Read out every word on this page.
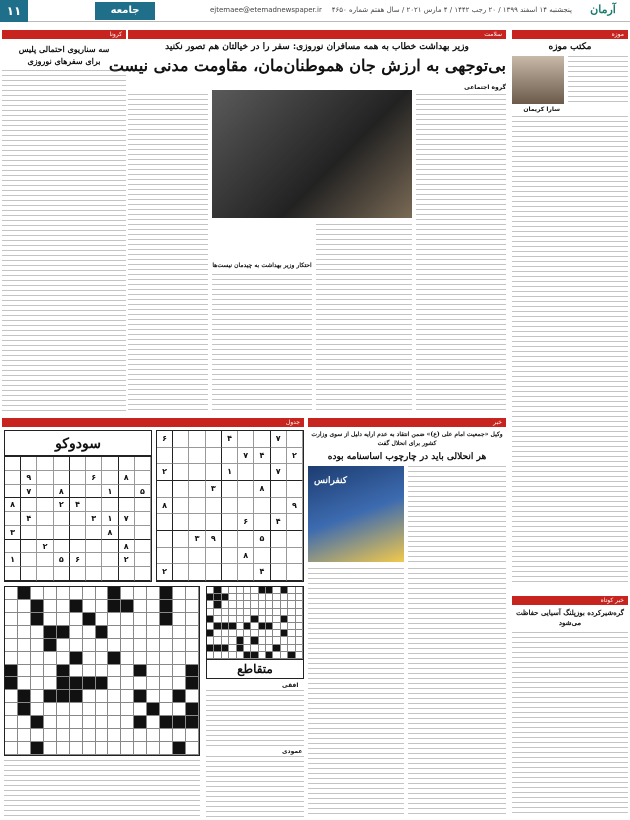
آرمان
پنجشنبه ۱۴ اسفند ۱۳۹۹ / ۲۰ رجب ۱۴۴۲ / ۴ مارس ۲۰۲۱ / سال هفتم شماره ۴۶۵۰
ejtemaee@etemadnewspaper.ir
جامعه
۱۱
موزه
مکتب موزه
سارا کریمان
خبر کوتاه
گره‌شیرکرده بوزپلنگ آسیایی حفاظت می‌شود
سلامت
وزیر بهداشت خطاب به همه مسافران نوروزی: سفر را در خیالتان هم تصور نکنید
بی‌توجهی به ارزش جان هموطنان‌مان، مقاومت مدنی نیست
گروه اجتماعی
احتکار وزیر بهداشت به چیدمان نیست‌ها
کرونا
سه سناریوی احتمالی پلیس
برای سفرهای نوروزی
جدول
سودوکو
۸
۶
۹
۵
۱
۸
۷
۴
۲
۸
۷
۱
۳
۴
۸
۳
۸
۲
۲
۶
۵
۱
۷
۴
۶
۲
۴
۷
۷
۱
۲
۸
۳
۹
۸
۴
۶
۵
۹
۳
۸
۴
۲
متقاطع
افقی
عمودی
خبر
وکیل «جمعیت امام علی (ع)» ضمن انتقاد به عدم ارایه دلیل از سوی وزارت کشور برای انحلال گفت
هر انحلالی باید در چارچوب اساسنامه بوده
کنفرانس
